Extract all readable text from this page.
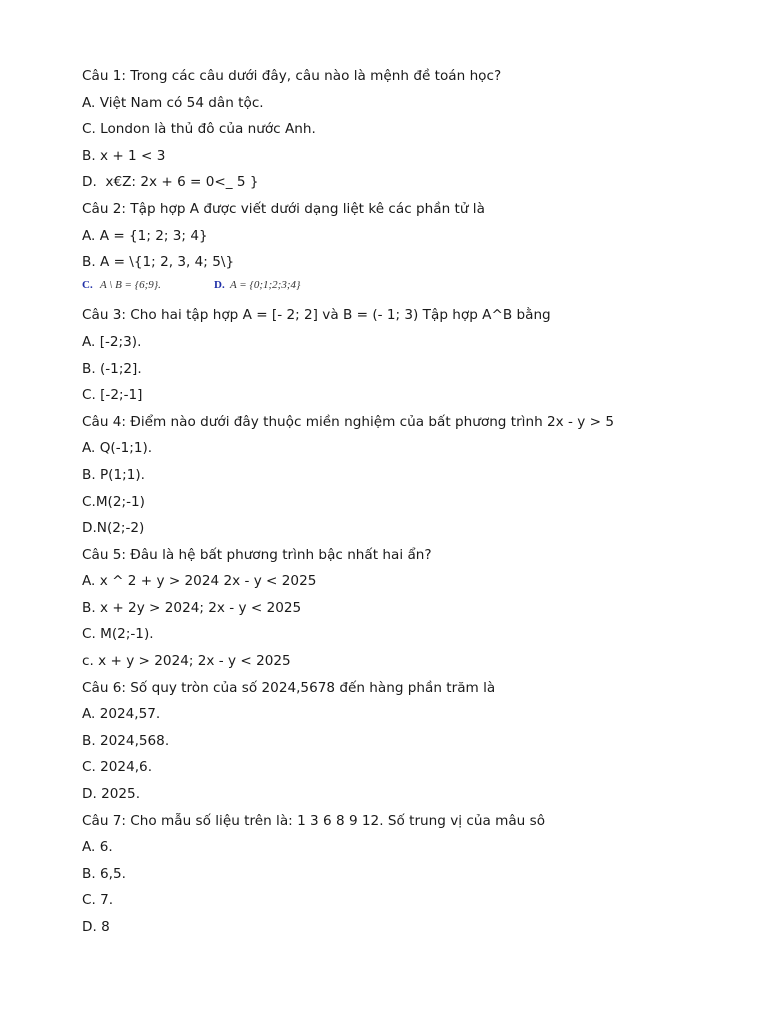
Câu 1: Trong các câu dưới đây, câu nào là mệnh đề toán học?
A. Việt Nam có 54 dân tộc.
C. London là thủ đô của nước Anh.
B. x + 1 < 3
D.  x€Z: 2x + 6 = 0<_ 5 }
Câu 2: Tập hợp A được viết dưới dạng liệt kê các phần tử là
A. A = {1; 2; 3; 4}
B. A = \{1; 2, 3, 4; 5\}
C. A \ B = {6;9}.	D. A = {0;1;2;3;4}
Câu 3: Cho hai tập hợp A = [- 2; 2] và B = (- 1; 3) Tập hợp A^B bằng
A. [-2;3).
B. (-1;2].
C. [-2;-1]
Câu 4: Điểm nào dưới đây thuộc miền nghiệm của bất phương trình 2x - y > 5
A. Q(-1;1).
B. P(1;1).
C.M(2;-1)
D.N(2;-2)
Câu 5: Đâu là hệ bất phương trình bậc nhất hai ẩn?
A. x ^ 2 + y > 2024 2x - y < 2025
B. x + 2y > 2024; 2x - y < 2025
C. M(2;-1).
c. x + y > 2024; 2x - y < 2025
Câu 6: Số quy tròn của số 2024,5678 đến hàng phần trăm là
A. 2024,57.
B. 2024,568.
C. 2024,6.
D. 2025.
Câu 7: Cho mẫu số liệu trên là: 1 3 6 8 9 12. Số trung vị của mâu sô
A. 6.
B. 6,5.
C. 7.
D. 8
